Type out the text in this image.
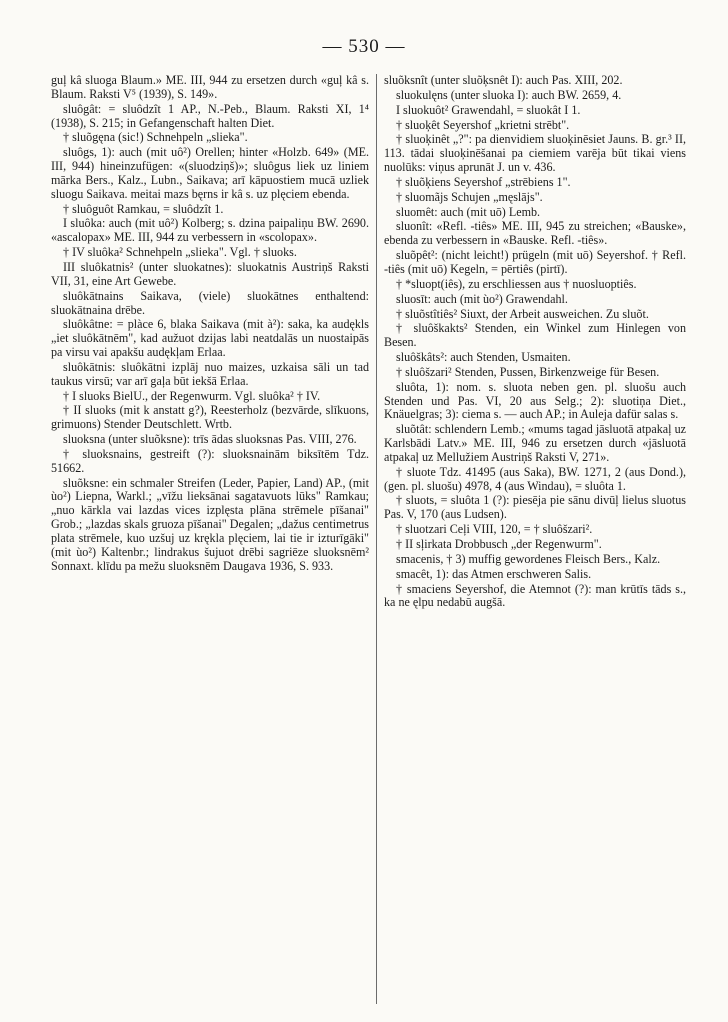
— 530 —

guļ kâ sluoga Blaum.» ME. III, 944 zu ersetzen durch «guļ kâ s. Blaum. Raksti V⁵ (1939), S. 149».

sluôgât: = sluôdzît 1 AP., N.-Peb., Blaum. Raksti XI, 1⁴ (1938), S. 215; in Gefangenschaft halten Diet.

† sluõgęna (sic!) Schnehpeln „slieka".

sluôgs, 1): auch (mit uô²) Orellen; hinter «Holzb. 649» (ME. III, 944) hineinzufügen: «(sluodziņš)»; sluôgus liek uz liniem mārka Bers., Kalz., Lubn., Saikava; arī kāpuostiem mucā uzliek sluogu Saikava. meitai mazs bęrns ir kâ s. uz plęciem ebenda.

† sluôguôt Ramkau, = sluôdzît 1.

I sluôka: auch (mit uô²) Kolberg; s. dzina paipaliņu BW. 2690. «ascalopax» ME. III, 944 zu verbessern in «scolopax».

† IV sluôka² Schnehpeln „slieka". Vgl. † sluoks.

III sluôkatnis² (unter sluokatnes): sluokatnis Austriņš Raksti VII, 31, eine Art Gewebe.

sluôkātnains Saikava, (viele) sluokātnes enthaltend: sluokātnaina drēbe.

sluôkâtne: = plàce 6, blaka Saikava (mit à²): saka, ka audękls „iet sluôkātnēm", kad aužuot dzijas labi neatdalās un nuostaipās pa virsu vai apakšu audękļam Erlaa.

sluôkātnis: sluôkātni izplāj nuo maizes, uzkaisa sāli un tad taukus virsū; var arī gaļa būt iekšā Erlaa.

† I sluoks BielU., der Regenwurm. Vgl. sluôka² † IV.

† II sluoks (mit k anstatt g?), Reesterholz (bezvārde, slīkuons, grimuons) Stender Deutschlett. Wrtb.

sluoksna (unter sluõksne): trīs ādas sluoksnas Pas. VIII, 276.

† sluoksnains, gestreift (?): sluoksnainām biksītēm Tdz. 51662.

sluõksne: ein schmaler Streifen (Leder, Papier, Land) AP., (mit ùo²) Liepna, Warkl.; „vīžu lieksānai sagatavuots lūks" Ramkau; „nuo kārkla vai lazdas vices izplęsta plāna strēmele pīšanai" Grob.; „lazdas skals gruoza pīšanai" Degalen; „dažus centimetrus plata strēmele, kuo uzšuj uz krękla plęciem, lai tie ir izturīgāki" (mit ùo²) Kaltenbr.; lindrakus šujuot drēbi sagriēze sluoksnēm² Sonnaxt. klīdu pa mežu sluoksnēm Daugava 1936, S. 933.

sluõksnît (unter sluõķsnêt I): auch Pas. XIII, 202.

sluokulęns (unter sluoka I): auch BW. 2659, 4.

I sluokuôt² Grawendahl, = sluokât I 1.

† sluoķêt Seyershof „krietni strēbt".

† sluoķinêt „?": pa dienvidiem sluoķinēsiet Jauns. B. gr.³ II, 113. tādai sluoķinēšanai pa ciemiem varēja būt tikai viens nuolūks: viņus aprunāt J. un v. 436.

† sluõķiens Seyershof „strēbiens 1".

† sluomãjs Schujen „męslājs".

sluomêt: auch (mit uō) Lemb.

sluonît: «Refl. -tiês» ME. III, 945 zu streichen; «Bauske», ebenda zu verbessern in «Bauske. Refl. -tiês».

sluõpêt²: (nicht leicht!) prügeln (mit uō) Seyershof. † Refl. -tiês (mit uō) Kegeln, = pērtiês (pirtī).

† *sluopt(iês), zu erschliessen aus † nuosluoptiês.

sluosīt: auch (mit ùo²) Grawendahl.

† sluõstîtiês² Siuxt, der Arbeit ausweichen. Zu sluõt.

† sluôškakts² Stenden, ein Winkel zum Hinlegen von Besen.

sluôškâts²: auch Stenden, Usmaiten.

† sluôšzari² Stenden, Pussen, Birkenzweige für Besen.

sluôta, 1): nom. s. sluota neben gen. pl. sluošu auch Stenden und Pas. VI, 20 aus Selg.; 2): sluotiņa Diet., Knäuelgras; 3): ciema s. — auch AP.; in Auleja dafür salas s.

sluõtât: schlendern Lemb.; «mums tagad jāsluotā atpakaļ uz Karlsbādi Latv.» ME. III, 946 zu ersetzen durch «jāsluotā atpakaļ uz Mellužiem Austriņš Raksti V, 271».

† sluote Tdz. 41495 (aus Saka), BW. 1271, 2 (aus Dond.), (gen. pl. sluošu) 4978, 4 (aus Windau), = sluôta 1.

† sluots, = sluôta 1 (?): piesēja pie sānu divūļ lielus sluotus Pas. V, 170 (aus Ludsen).

† sluotzari Ceļi VIII, 120, = † sluôšzari².

† II sļirkata Drobbusch „der Regenwurm".

smacenis, † 3) muffig gewordenes Fleisch Bers., Kalz.

smacêt, 1): das Atmen erschweren Salis.

† smaciens Seyershof, die Atemnot (?): man krūtīs tāds s., ka ne ęlpu nedabū augšā.
